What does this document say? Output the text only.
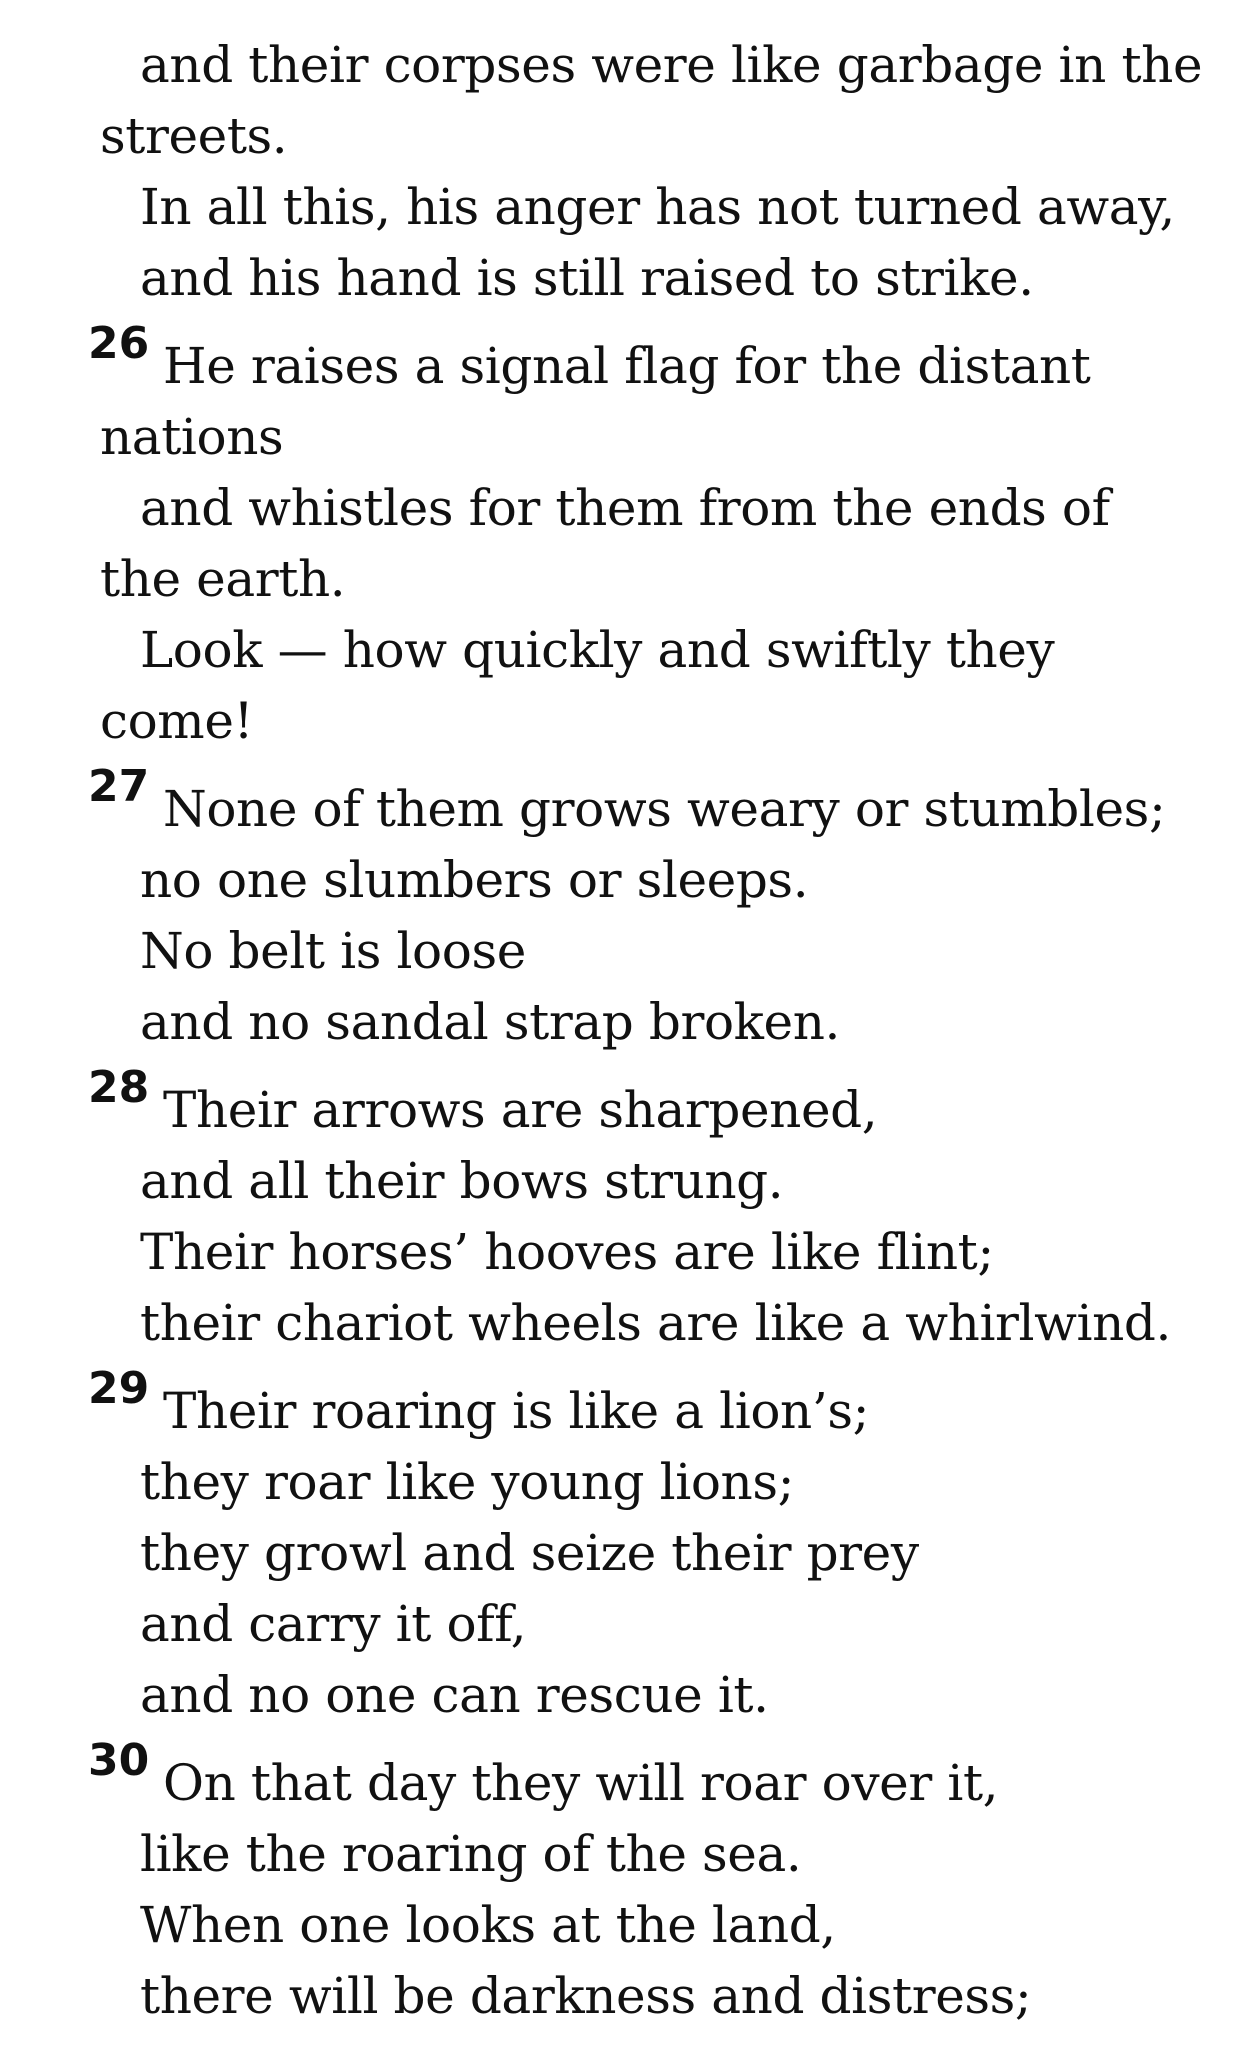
and their corpses were like garbage in the
streets.
In all this, his anger has not turned away,
and his hand is still raised to strike.
26 He raises a signal flag for the distant
nations
and whistles for them from the ends of
the earth.
Look — how quickly and swiftly they
come!
27 None of them grows weary or stumbles;
no one slumbers or sleeps.
No belt is loose
and no sandal strap broken.
28 Their arrows are sharpened,
and all their bows strung.
Their horses’ hooves are like flint;
their chariot wheels are like a whirlwind.
29 Their roaring is like a lion’s;
they roar like young lions;
they growl and seize their prey
and carry it off,
and no one can rescue it.
30 On that day they will roar over it,
like the roaring of the sea.
When one looks at the land,
there will be darkness and distress;
